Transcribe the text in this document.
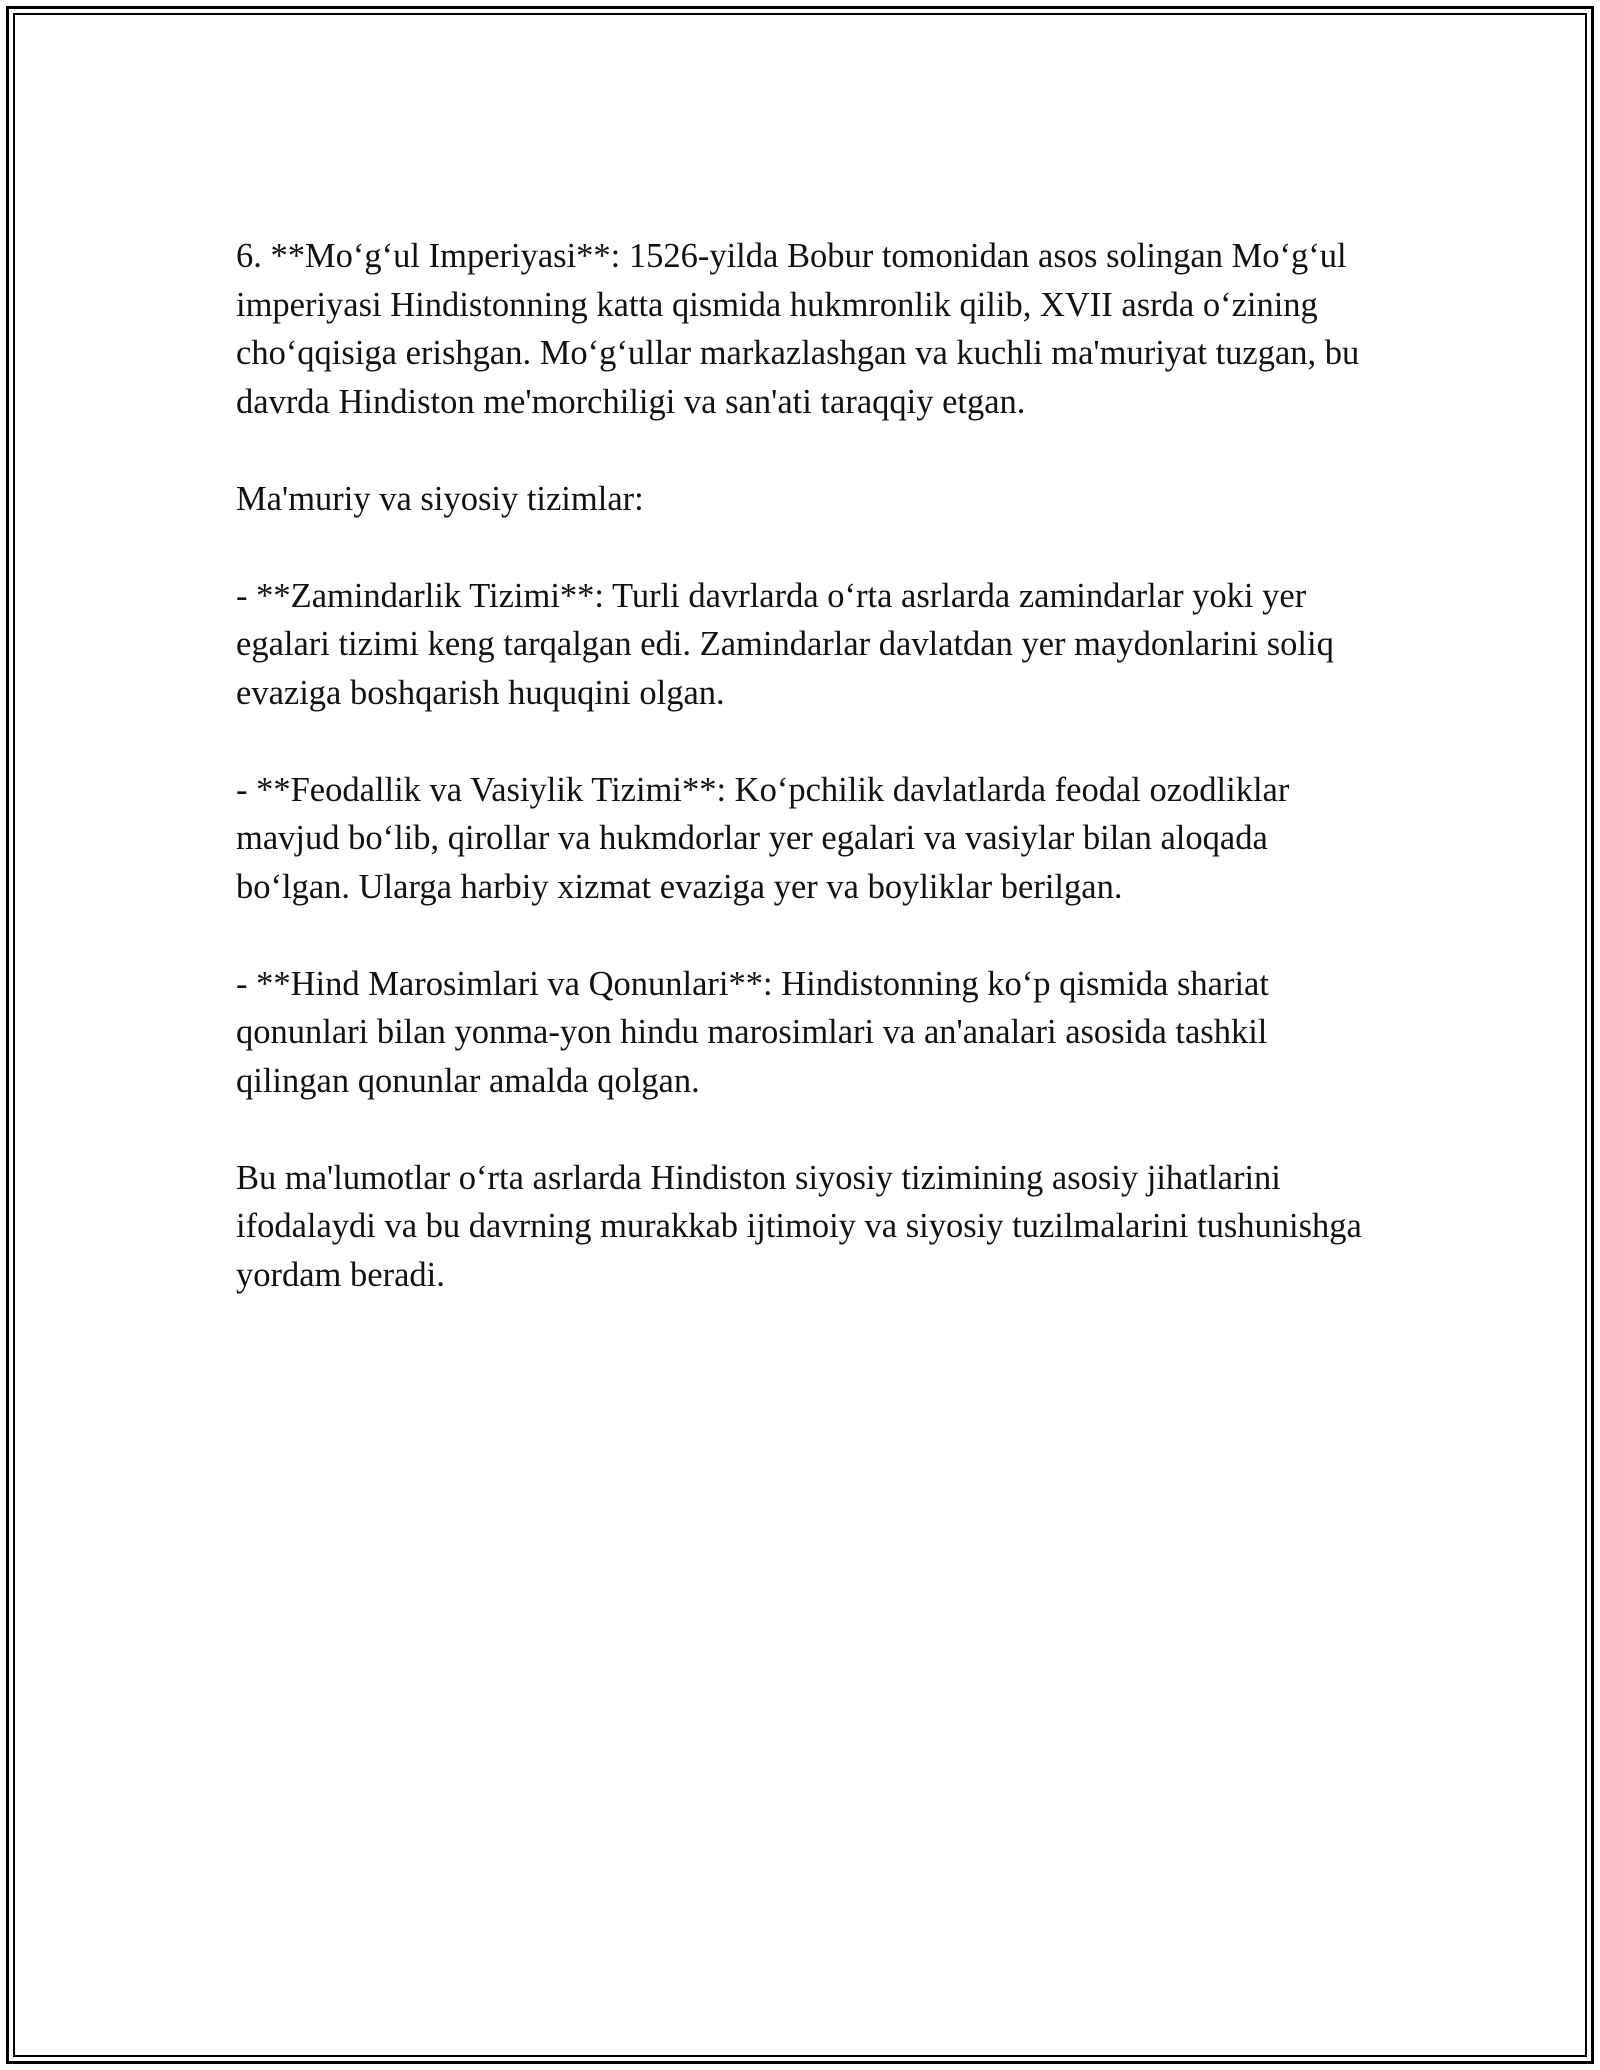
6. **Mo‘g‘ul Imperiyasi**: 1526-yilda Bobur tomonidan asos solingan Mo‘g‘ul imperiyasi Hindistonning katta qismida hukmronlik qilib, XVII asrda o‘zining cho‘qqisiga erishgan. Mo‘g‘ullar markazlashgan va kuchli ma'muriyat tuzgan, bu davrda Hindiston me'morchiligi va san'ati taraqqiy etgan.

Ma'muriy va siyosiy tizimlar:

- **Zamindarlik Tizimi**: Turli davrlarda o‘rta asrlarda zamindarlar yoki yer egalari tizimi keng tarqalgan edi. Zamindarlar davlatdan yer maydonlarini soliq evaziga boshqarish huquqini olgan.

- **Feodallik va Vasiylik Tizimi**: Ko‘pchilik davlatlarda feodal ozodliklar mavjud bo‘lib, qirollar va hukmdorlar yer egalari va vasiylar bilan aloqada bo‘lgan. Ularga harbiy xizmat evaziga yer va boyliklar berilgan.

- **Hind Marosimlari va Qonunlari**: Hindistonning ko‘p qismida shariat qonunlari bilan yonma-yon hindu marosimlari va an'analari asosida tashkil qilingan qonunlar amalda qolgan.

Bu ma'lumotlar o‘rta asrlarda Hindiston siyosiy tizimining asosiy jihatlarini ifodalaydi va bu davrning murakkab ijtimoiy va siyosiy tuzilmalarini tushunishga yordam beradi.
